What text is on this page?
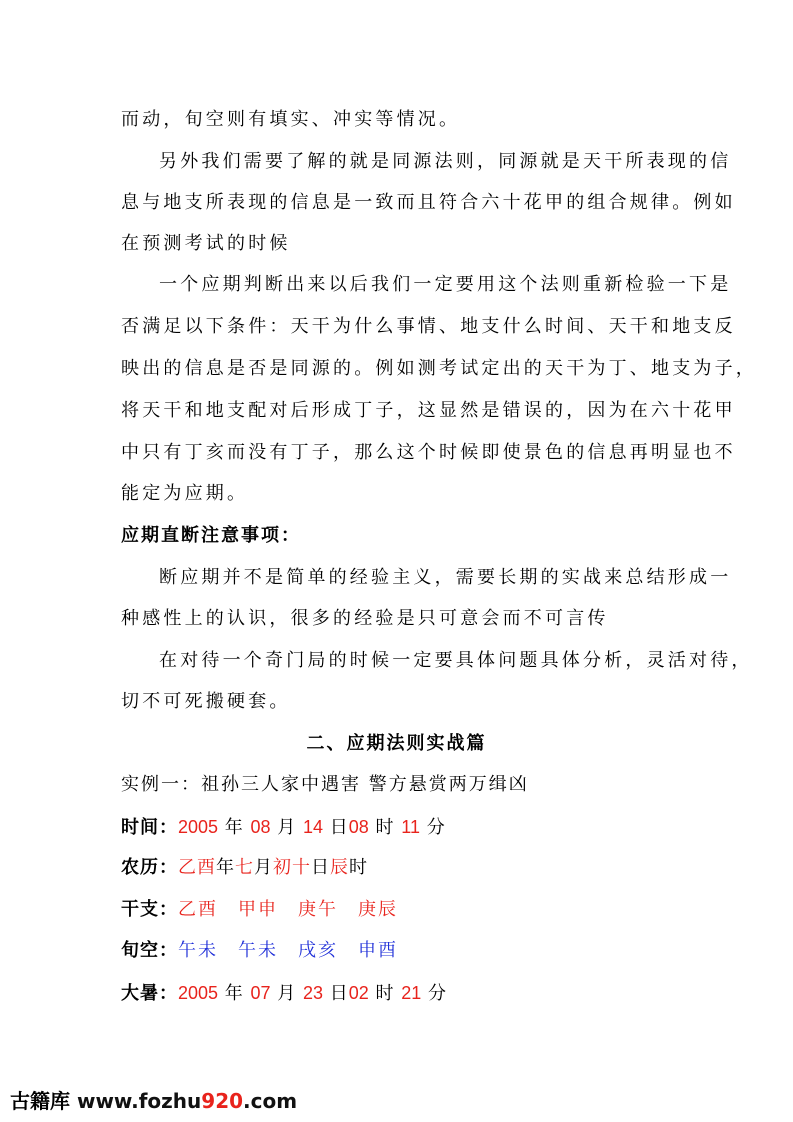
而动，旬空则有填实、冲实等情况。
另外我们需要了解的就是同源法则，同源就是天干所表现的信
息与地支所表现的信息是一致而且符合六十花甲的组合规律。例如
在预测考试的时候
一个应期判断出来以后我们一定要用这个法则重新检验一下是
否满足以下条件：天干为什么事情、地支什么时间、天干和地支反
映出的信息是否是同源的。例如测考试定出的天干为丁、地支为子，
将天干和地支配对后形成丁子，这显然是错误的，因为在六十花甲
中只有丁亥而没有丁子，那么这个时候即使景色的信息再明显也不
能定为应期。
应期直断注意事项：
断应期并不是简单的经验主义，需要长期的实战来总结形成一
种感性上的认识，很多的经验是只可意会而不可言传
在对待一个奇门局的时候一定要具体问题具体分析，灵活对待，
切不可死搬硬套。
二、应期法则实战篇
实例一：祖孙三人家中遇害 警方悬赏两万缉凶
时间：2005 年 08 月 14 日08 时 11 分
农历：乙酉年七月初十日辰时
干支：乙酉 甲申 庚午 庚辰
旬空：午未 午未 戌亥 申酉
大暑：2005 年 07 月 23 日02 时 21 分
古籍库 www.fozhu920.com
